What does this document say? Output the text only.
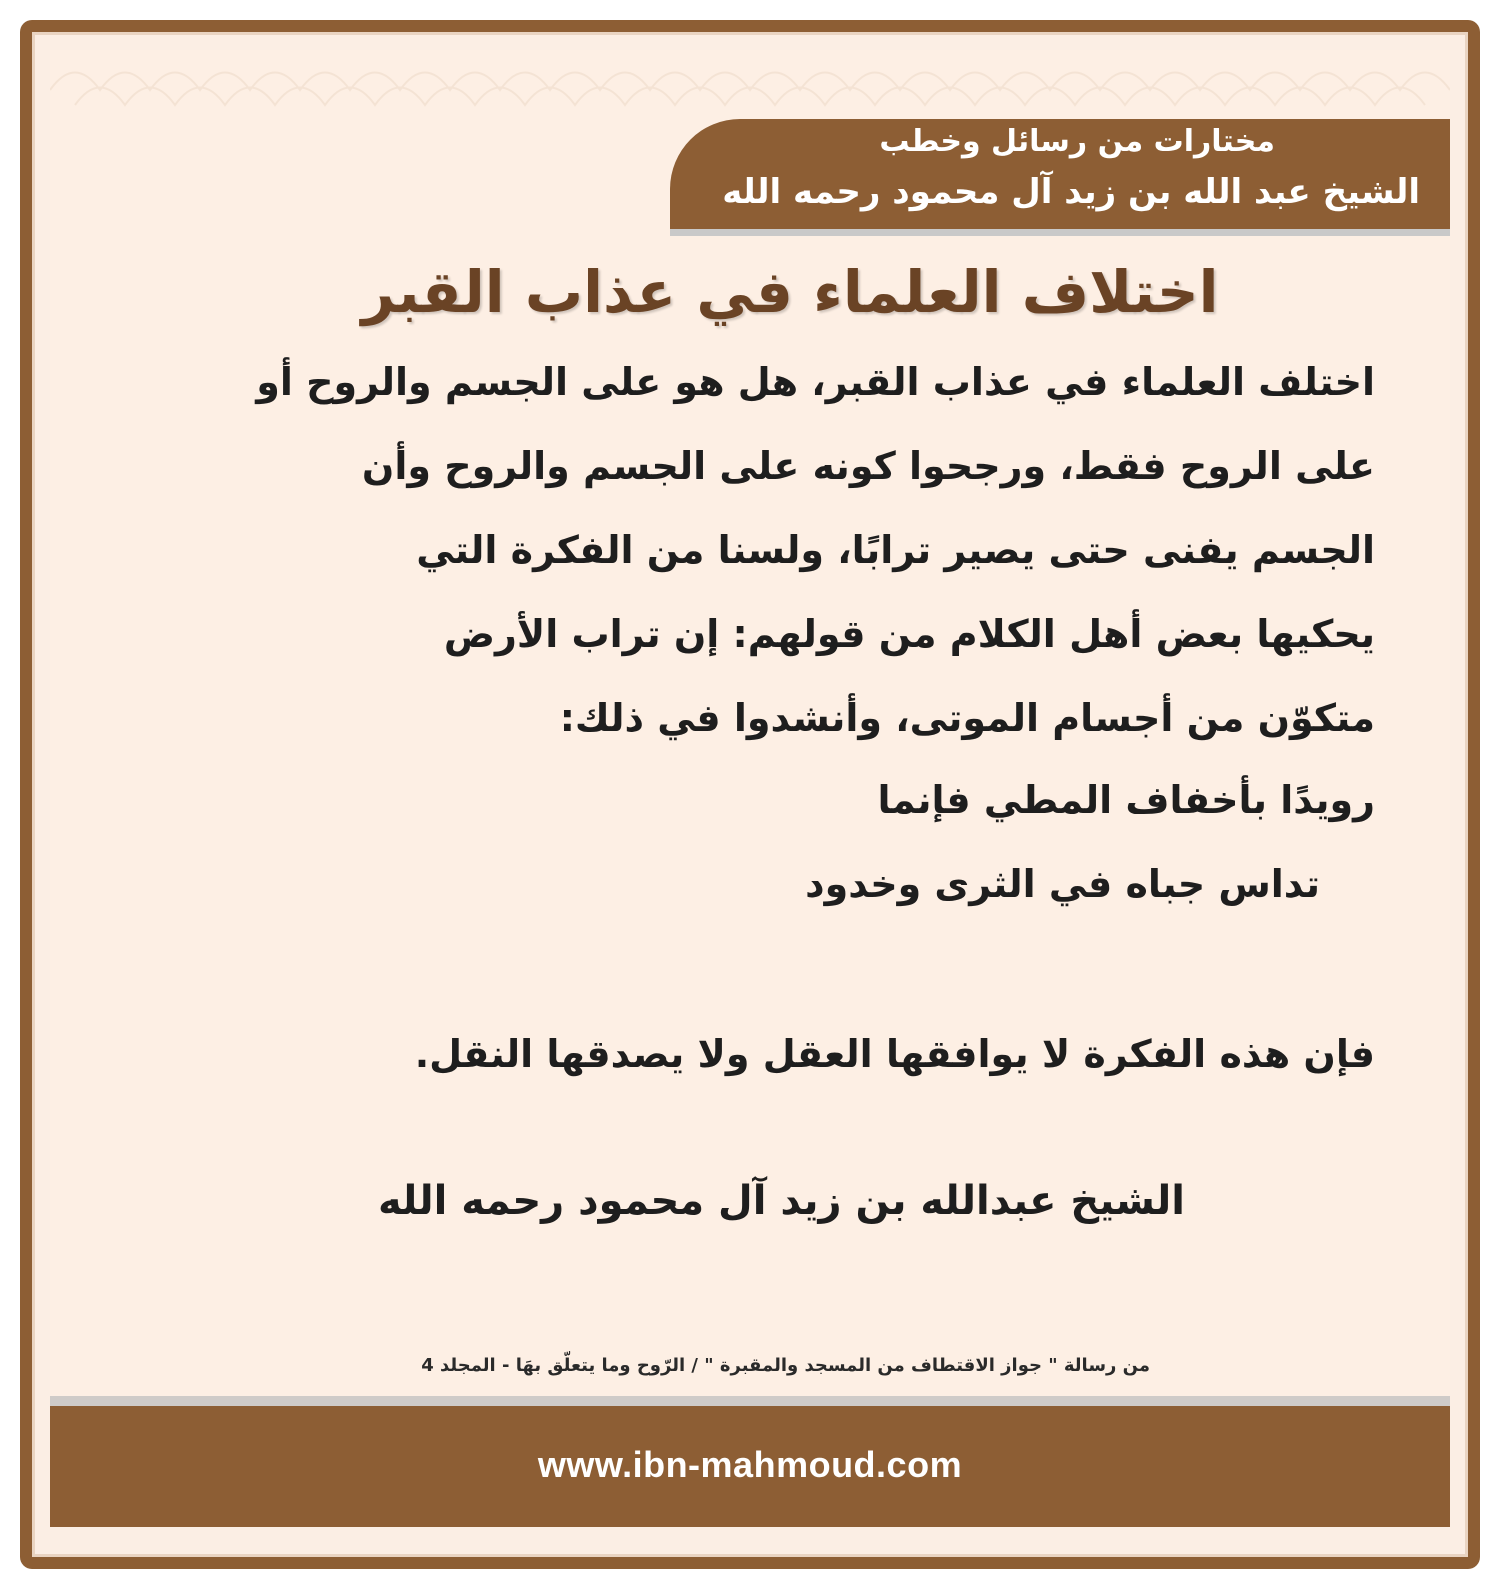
مختارات من رسائل وخطب
الشيخ عبد الله بن زيد آل محمود رحمه الله
اختلاف العلماء في عذاب القبر
اختلف العلماء في عذاب القبر، هل هو على الجسم والروح أو
على الروح فقط، ورجحوا كونه على الجسم والروح وأن
الجسم يفنى حتى يصير ترابًا، ولسنا من الفكرة التي
يحكيها بعض أهل الكلام من قولهم: إن تراب الأرض
متكوّن من أجسام الموتى، وأنشدوا في ذلك:
رويدًا بأخفاف المطي فإنما
تداس جباه في الثرى وخدود
فإن هذه الفكرة لا يوافقها العقل ولا يصدقها النقل.
الشيخ عبدالله بن زيد آل محمود رحمه الله
من رسالة " جواز الاقتطاف من المسجد والمقبرة " / الرّوح وما يتعلّق بهَا - المجلد 4
www.ibn-mahmoud.com
